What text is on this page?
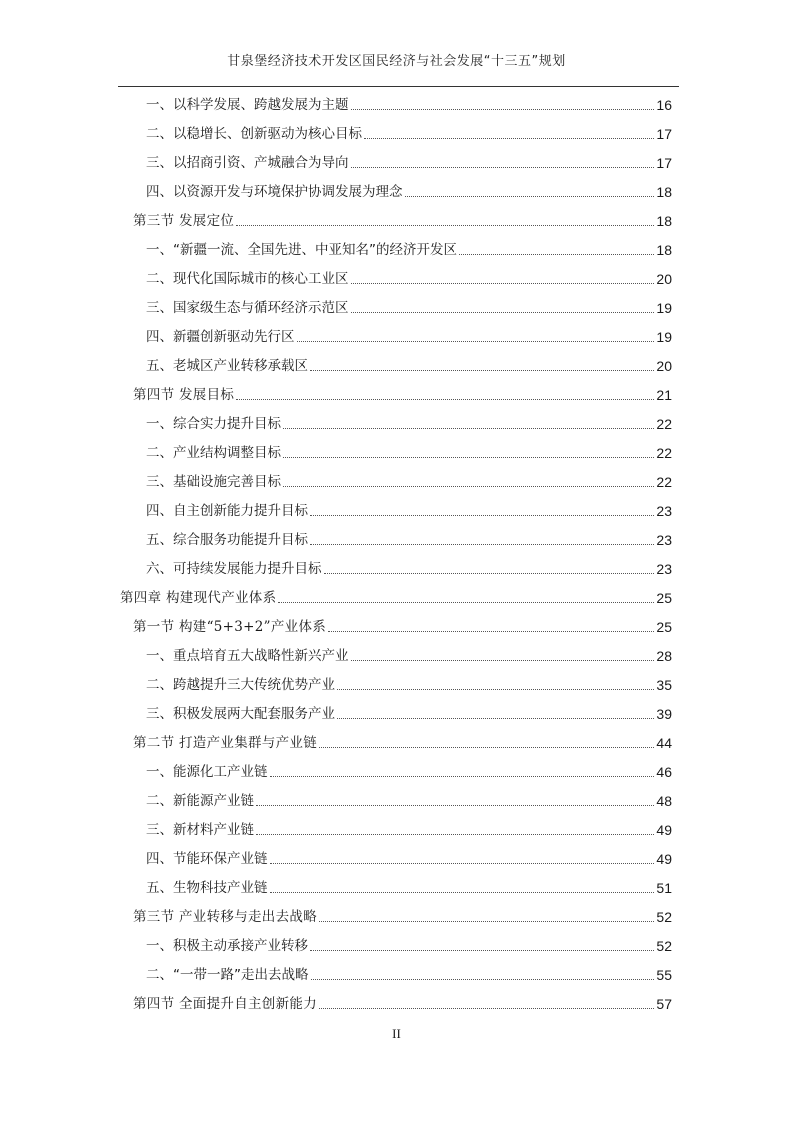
甘泉堡经济技术开发区国民经济与社会发展“十三五”规划
一、以科学发展、跨越发展为主题	16
二、以稳增长、创新驱动为核心目标	17
三、以招商引资、产城融合为导向	17
四、以资源开发与环境保护协调发展为理念	18
第三节 发展定位	18
一、“新疆一流、全国先进、中亚知名”的经济开发区	18
二、现代化国际城市的核心工业区	20
三、国家级生态与循环经济示范区	19
四、新疆创新驱动先行区	19
五、老城区产业转移承载区	20
第四节 发展目标	21
一、综合实力提升目标	22
二、产业结构调整目标	22
三、基础设施完善目标	22
四、自主创新能力提升目标	23
五、综合服务功能提升目标	23
六、可持续发展能力提升目标	23
第四章 构建现代产业体系	25
第一节 构建“5+3+2”产业体系	25
一、重点培育五大战略性新兴产业	28
二、跨越提升三大传统优势产业	35
三、积极发展两大配套服务产业	39
第二节 打造产业集群与产业链	44
一、能源化工产业链	46
二、新能源产业链	48
三、新材料产业链	49
四、节能环保产业链	49
五、生物科技产业链	51
第三节 产业转移与走出去战略	52
一、积极主动承接产业转移	52
二、“一带一路”走出去战略	55
第四节 全面提升自主创新能力	57
II
